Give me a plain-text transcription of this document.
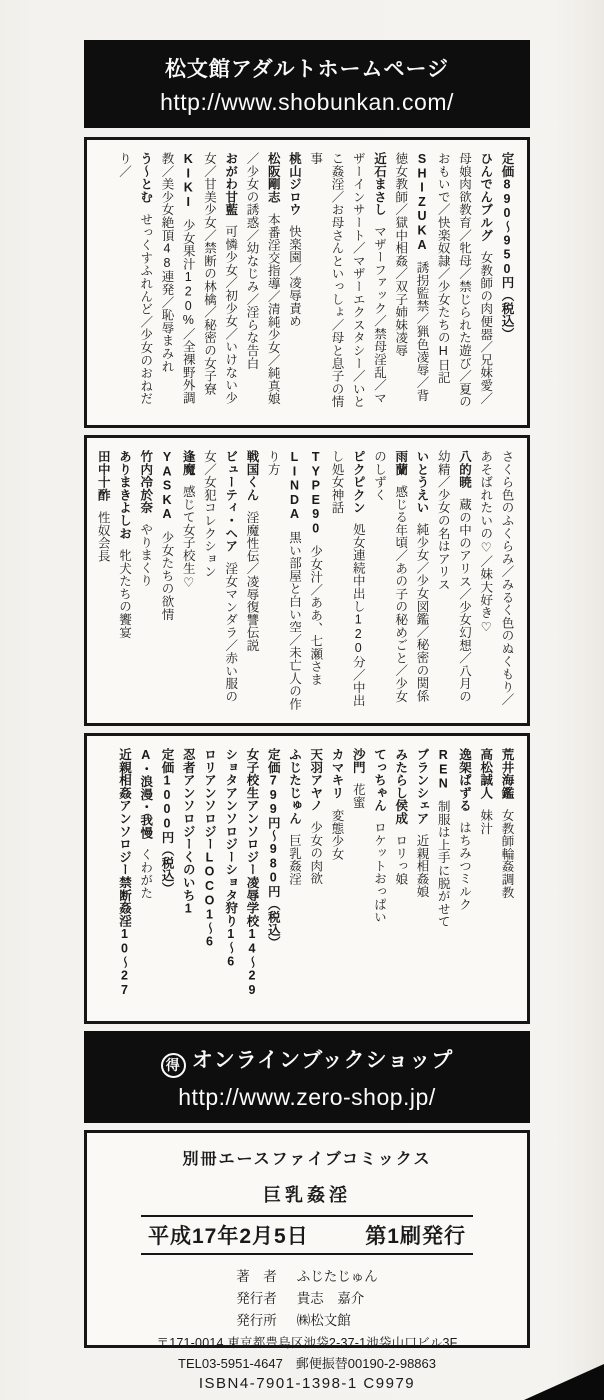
松文館アダルトホームページ
http://www.shobunkan.com/

定価890〜950円（税込）

ひんでんブルグ女教師の肉便器／兄妹愛／母娘肉欲教育／牝母／禁じられた遊び／夏のおもいで／快楽奴隷／少女たちのH日記

SHIZUKA誘拐監禁／猟色凌辱／背徳女教師／獄中相姦／双子姉妹凌辱

近石まさしマザーファック／禁母淫乱／マザーインサート／マザーエクスタシー／いとこ姦淫／お母さんといっしょ／母と息子の情事

桃山ジロウ快楽園／凌辱責め

松阪剛志本番淫交指導／清純少女／純真娘／少女の誘惑／幼なじみ／淫らな告白

おがわ甘藍可憐少女／初少女／いけない少女／甘美少女／禁断の林檎／秘密の女子寮

KIKI少女果汁120%／全裸野外調教／美少女絶頂48連発／恥辱まみれ

う〜とむせっくすふれんど／少女のおねだり／

さくら色のふくらみ／みるく色のぬくもり／あそばれたいの♡／妹大好き♡

八的暁蔵の中のアリス／少女幻想／八月の幼精／少女の名はアリス

いとうえい純少女／少女図鑑／秘密の関係

雨蘭感じる年頃／あの子の秘めごと／少女のしずく

ピクピクン処女連続中出し120分／中出し処女神話

TYPE90少女汁／ああ、七瀬さま

LINDA黒い部屋と白い空／未亡人の作り方

戦国くん淫魔性伝／凌辱復讐伝説

ビューティ・ヘア淫女マンダラ／赤い服の女／女犯コレクション

逢魔感じて女子校生♡

YASKA少女たちの欲情

竹内冷於奈やりまくり

ありまきよしお牝犬たちの饗宴

田中十酢性奴会長

荒井海鑑女教師輪姦調教

高松誠人妹汁

逸架ぱずるはちみつミルク

REN制服は上手に脱がせて

ブランシェア近親相姦娘

みたらし侯成ロリっ娘

てっちゃんロケットおっぱい

沙門花蜜

カマキリ変態少女

天羽アヤノ少女の肉欲

ふじたじゅん巨乳姦淫

定価799円〜980円（税込）

女子校生アンソロジー凌辱学校14〜29

ショタアンソロジーショタ狩り1〜6

ロリアンソロジーLOCO1〜6

忍者アンソロジーくのいち1

定価1000円（税込）

A・浪漫・我慢くわがた

近親相姦アンソロジー禁断姦淫10〜27

得 オンラインブックショップ
http://www.zero-shop.jp/
別冊エースファイブコミックス
巨乳姦淫
平成17年2月5日	第1刷発行
著　者 ふじたじゅん
発行者 貴志　嘉介
発行所 ㈱松文館
〒171-0014 東京都豊島区池袋2-37-1池袋山口ビル3F
TEL03-5951-4647　郵便振替00190-2-98863
ISBN4-7901-1398-1 C9979
